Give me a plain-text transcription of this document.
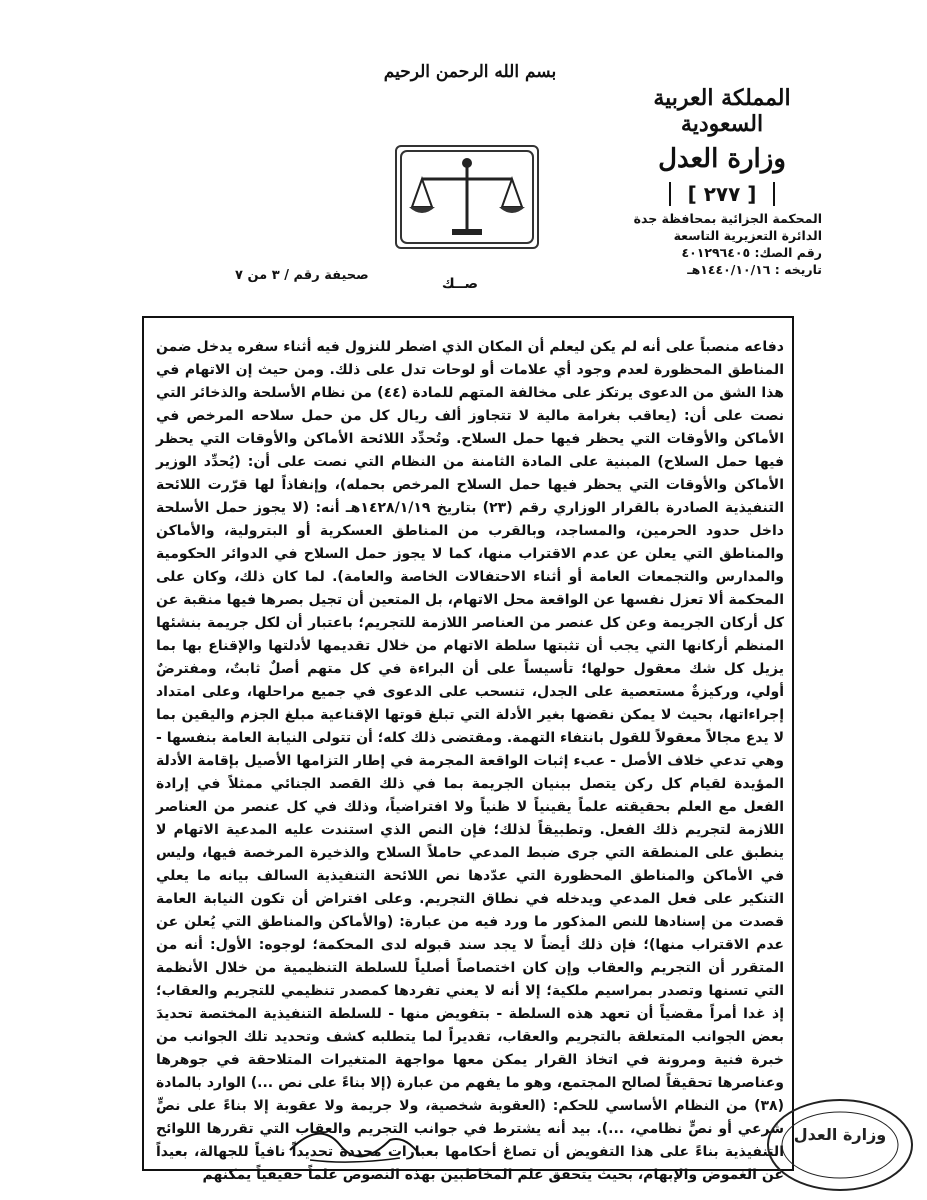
بسم الله الرحمن الرحيم
المملكة العربية السعودية
وزارة العدل
[ ٢٧٧ ]
المحكمة الجزائية بمحافظة جدة
الدائرة التعزيرية التاسعة
رقم الصك: ٤٠١٢٩٦٤٠٥
تاريخه : ١٤٤٠/١٠/١٦هـ
صحيفة رقم / ٣ من ٧
صــك

دفاعه منصباً على أنه لم يكن ليعلم أن المكان الذي اضطر للنزول فيه أثناء سفره يدخل ضمن المناطق المحظورة لعدم وجود أي علامات أو لوحات تدل على ذلك. ومن حيث إن الاتهام في هذا الشق من الدعوى يرتكز على مخالفة المتهم للمادة (٤٤) من نظام الأسلحة والذخائر التي نصت على أن: (يعاقب بغرامة مالية لا تتجاوز ألف ريال كل من حمل سلاحه المرخص في الأماكن والأوقات التي يحظر فيها حمل السلاح. وتُحدِّد اللائحة الأماكن والأوقات التي يحظر فيها حمل السلاح) المبنية على المادة الثامنة من النظام التي نصت على أن: (يُحدِّد الوزير الأماكن والأوقات التي يحظر فيها حمل السلاح المرخص بحمله)، وإنفاذاً لها قرّرت اللائحة التنفيذية الصادرة بالقرار الوزاري رقم (٢٣) بتاريخ ١٤٢٨/١/١٩هـ أنه: (لا يجوز حمل الأسلحة داخل حدود الحرمين، والمساجد، وبالقرب من المناطق العسكرية أو البترولية، والأماكن والمناطق التي يعلن عن عدم الاقتراب منها، كما لا يجوز حمل السلاح في الدوائر الحكومية والمدارس والتجمعات العامة أو أثناء الاحتفالات الخاصة والعامة). لما كان ذلك، وكان على المحكمة ألا تعزل نفسها عن الواقعة محل الاتهام، بل المتعين أن تجيل بصرها فيها منقبة عن كل أركان الجريمة وعن كل عنصر من العناصر اللازمة للتجريم؛ باعتبار أن لكل جريمة بنشئها المنظم أركانها التي يجب أن تثبتها سلطة الاتهام من خلال تقديمها لأدلتها والإقناع بها بما يزيل كل شك معقول حولها؛ تأسيساً على أن البراءة في كل متهم أصلٌ ثابتٌ، ومفترضٌ أولي، وركيزةٌ مستعصية على الجدل، تنسحب على الدعوى في جميع مراحلها، وعلى امتداد إجراءاتها، بحيث لا يمكن نقضها بغير الأدلة التي تبلغ قوتها الإقناعية مبلغ الجزم واليقين بما لا يدع مجالاً معقولاً للقول بانتفاء التهمة. ومقتضى ذلك كله؛ أن تتولى النيابة العامة بنفسها - وهي تدعي خلاف الأصل - عبء إثبات الواقعة المجرمة في إطار التزامها الأصيل بإقامة الأدلة المؤيدة لقيام كل ركن يتصل ببنيان الجريمة بما في ذلك القصد الجنائي ممثلاً في إرادة الفعل مع العلم بحقيقته علماً يقينياً لا ظنياً ولا افتراضياً، وذلك في كل عنصر من العناصر اللازمة لتجريم ذلك الفعل. وتطبيقاً لذلك؛ فإن النص الذي استندت عليه المدعية الاتهام لا ينطبق على المنطقة التي جرى ضبط المدعي حاملاً السلاح والذخيرة المرخصة فيها، وليس في الأماكن والمناطق المحظورة التي عدّدها نص اللائحة التنفيذية السالف بيانه ما يعلي التنكير على فعل المدعي ويدخله في نطاق التجريم. وعلى افتراض أن تكون النيابة العامة قصدت من إسنادها للنص المذكور ما ورد فيه من عبارة: (والأماكن والمناطق التي يُعلن عن عدم الاقتراب منها)؛ فإن ذلك أيضاً لا يجد سند قبوله لدى المحكمة؛ لوجوه: الأول: أنه من المتقرر أن التجريم والعقاب وإن كان اختصاصاً أصلياً للسلطة التنظيمية من خلال الأنظمة التي تسنها وتصدر بمراسيم ملكية؛ إلا أنه لا يعني تفردها كمصدر تنظيمي للتجريم والعقاب؛ إذ غدا أمراً مقضياً أن تعهد هذه السلطة - بتفويض منها - للسلطة التنفيذية المختصة تحديدَ بعض الجوانب المتعلقة بالتجريم والعقاب، تقديراً لما يتطلبه كشف وتحديد تلك الجوانب من خبرة فنية ومرونة في اتخاذ القرار يمكن معها مواجهة المتغيرات المتلاحقة في جوهرها وعناصرها تحقيقاً لصالح المجتمع، وهو ما يفهم من عبارة (إلا بناءً على نص ...) الوارد بالمادة (٣٨) من النظام الأساسي للحكم: (العقوبة شخصية، ولا جريمة ولا عقوبة إلا بناءً على نصٍّ شرعي أو نصٍّ نظامي، ...). بيد أنه يشترط في جوانب التجريم والعقاب التي تقررها اللوائح التنفيذية بناءً على هذا التفويض أن تصاغ أحكامها بعبارات محددة تحديداً نافياً للجهالة، بعيداً عن الغموض والإبهام، بحيث يتحقق علم المخاطبين بهذه النصوص علماً حقيقياً يمكنهم

وزارة العدل
